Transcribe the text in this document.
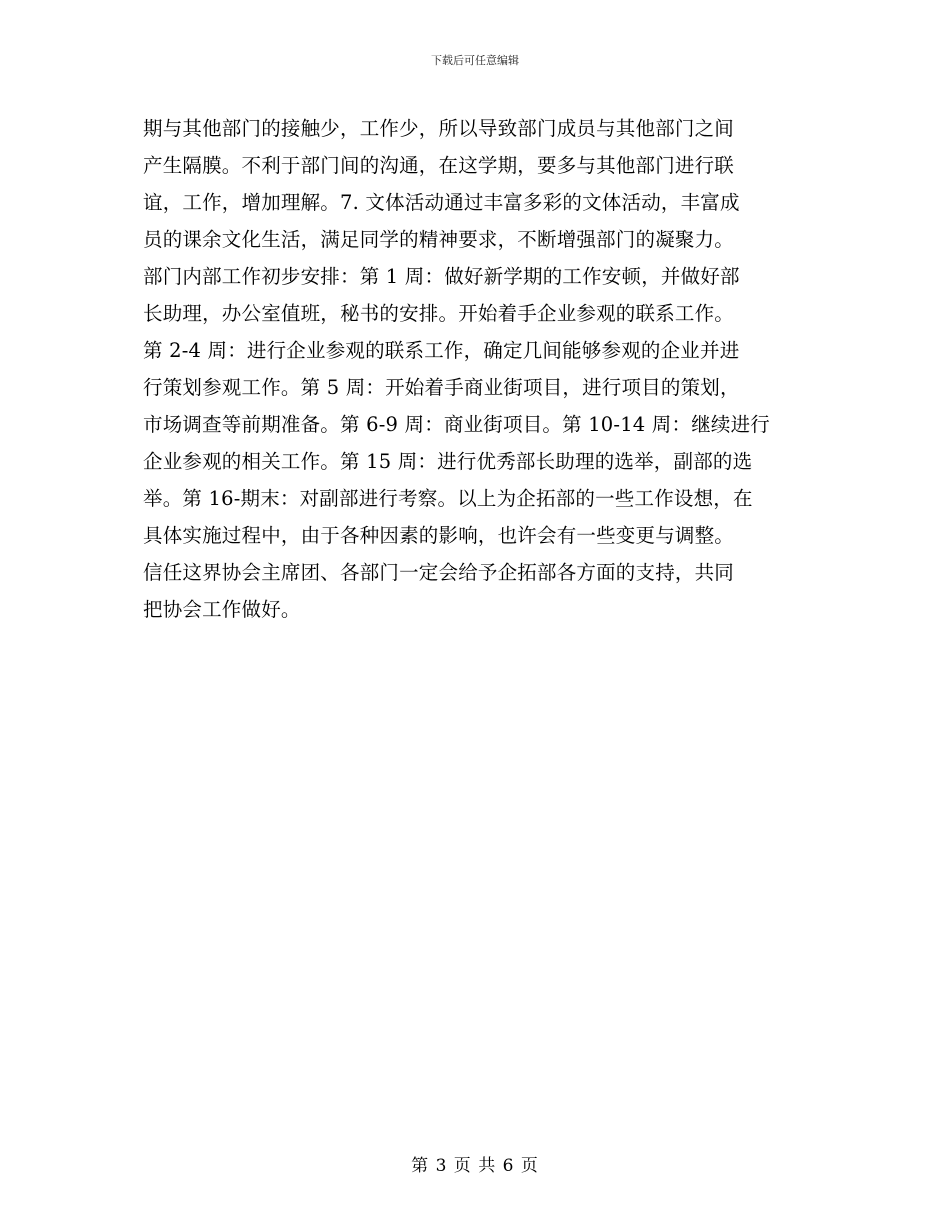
下载后可任意编辑
期与其他部门的接触少，工作少，所以导致部门成员与其他部门之间
产生隔膜。不利于部门间的沟通，在这学期，要多与其他部门进行联
谊，工作，增加理解。7. 文体活动通过丰富多彩的文体活动，丰富成
员的课余文化生活，满足同学的精神要求，不断增强部门的凝聚力。
部门内部工作初步安排：第 1 周：做好新学期的工作安顿，并做好部
长助理，办公室值班，秘书的安排。开始着手企业参观的联系工作。
第 2-4 周：进行企业参观的联系工作，确定几间能够参观的企业并进
行策划参观工作。第 5 周：开始着手商业街项目，进行项目的策划，
市场调查等前期准备。第 6-9 周：商业街项目。第 10-14 周：继续进行
企业参观的相关工作。第 15 周：进行优秀部长助理的选举，副部的选
举。第 16-期末：对副部进行考察。以上为企拓部的一些工作设想，在
具体实施过程中，由于各种因素的影响，也许会有一些变更与调整。
信任这界协会主席团、各部门一定会给予企拓部各方面的支持，共同
把协会工作做好。
第 3 页 共 6 页
